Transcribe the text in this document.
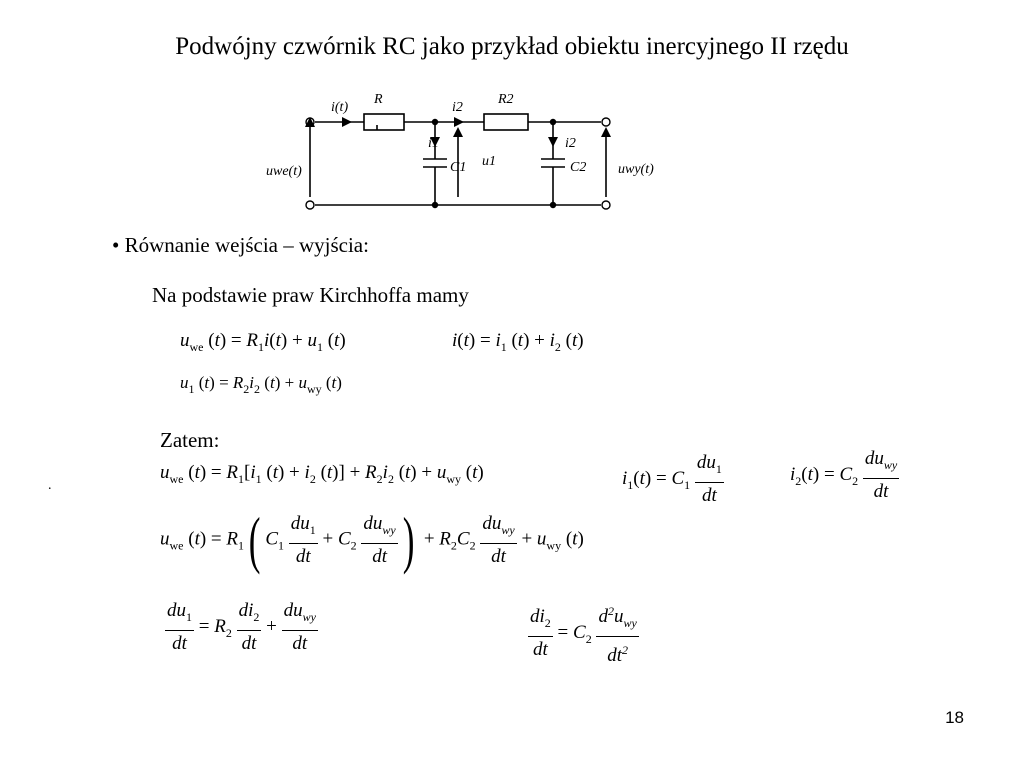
Podwójny czwórnik RC jako przykład obiektu inercyjnego II rzędu
i(t)
R
i2
R2
i1
C1 u1
i2
C2
uwe(t)	uwy(t)
• Równanie wejścia – wyjścia:
Na podstawie praw Kirchhoffa mamy
$u_{we}$ $(t) = R_1i(t) + u_1$ (t)	$i(t) = i_1$ $(t) + i_2$ (t)
$u_1$ $(t) = R_2i_2$ $(t) + u_{wy}$ (t)
Zatem:
.
$u_{we}$ $(t) = R_1[i_1$ $(t) + i_2$ $(t)] + R_2i_2$ $(t) + u_{wy}$ (t)	$i_1(t) = C_1 \frac{du_1}{dt}$	$i_2(t) = C_2$
$du_{wy}$
dt
$u_{we}$ $(t) = R_1$( $C_1 \frac{du_1}{dt} + C_2$
$du_{wy}$
dt ) + $R_2C_2$
$du_{wy}$
dt
+ $u_{wy}$ (t)
$\frac{du_1}{dt} = R_2 \frac{di_2}{dt}$ +
$du_{wy}$
dt	$\frac{di_2}{dt} = C_2$
$d^2u_{wy}$
$dt^2$
18
